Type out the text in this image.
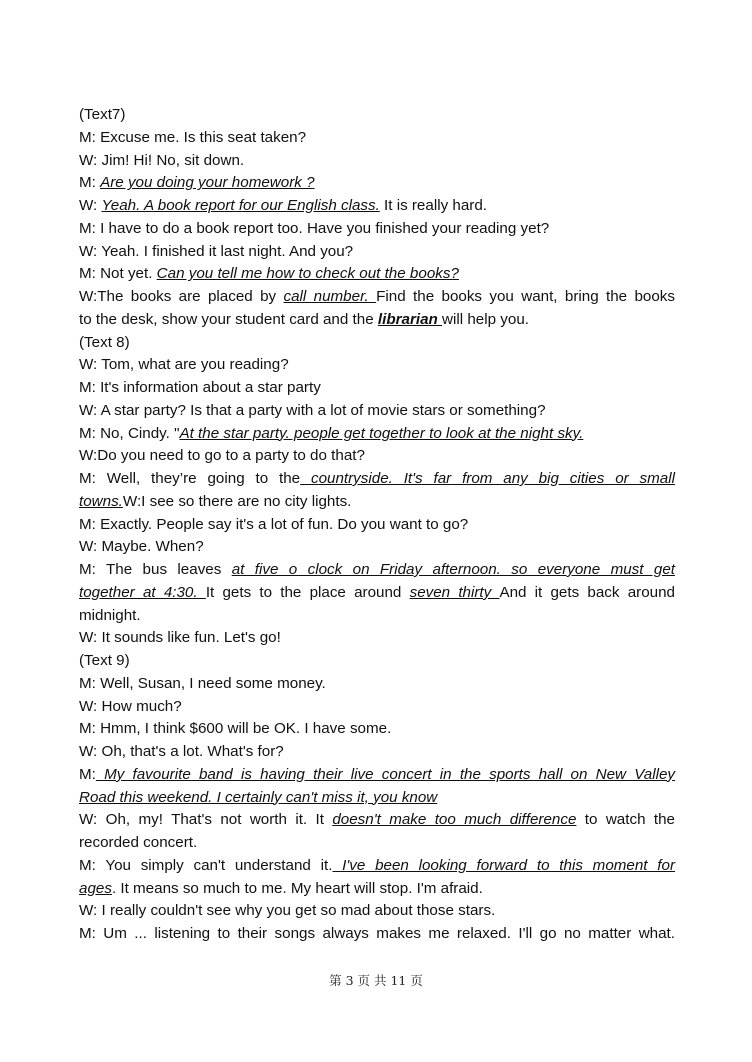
(Text7)
M: Excuse me. Is this seat taken?
W: Jim! Hi! No, sit down.
M: Are you doing your homework ?
W: Yeah. A book report for our English class. It is really hard.
M: I have to do a book report too. Have you finished your reading yet?
W: Yeah. I finished it last night. And you?
M: Not yet. Can you tell me how to check out the books?
W:The books are placed by call number. Find the books you want, bring the books
to the desk, show your student card and the librarian will help you.
(Text 8)
W: Tom, what are you reading?
M: It's information about a star party
W: A star party? Is that a party with a lot of movie stars or something?
M: No, Cindy. "At the star party. people get together to look at the night sky.
W:Do you need to go to a party to do that?
M: Well, they’re going to the countryside. It's far from any big cities or small
towns.W:I see so there are no city lights.
M: Exactly. People say it's a lot of fun. Do you want to go?
W: Maybe. When?
M: The bus leaves at five o clock on Friday afternoon. so everyone must get
together at 4:30. It gets to the place around seven thirty And it gets back around
midnight.
W: It sounds like fun. Let's go!
(Text 9)
M: Well, Susan, I need some money.
W: How much?
M: Hmm, I think $600 will be OK. I have some.
W: Oh, that's a lot. What's for?
M: My favourite band is having their live concert in the sports hall on New Valley
Road this weekend. I certainly can't miss it, you know
W: Oh, my! That's not worth it. It doesn't make too much difference to watch the
recorded concert.
M: You simply can't understand it. I've been looking forward to this moment for
ages. It means so much to me. My heart will stop. I'm afraid.
W: I really couldn't see why you get so mad about those stars.
M: Um ... listening to their songs always makes me relaxed. I'll go no matter what.
第 3 页 共 11 页
